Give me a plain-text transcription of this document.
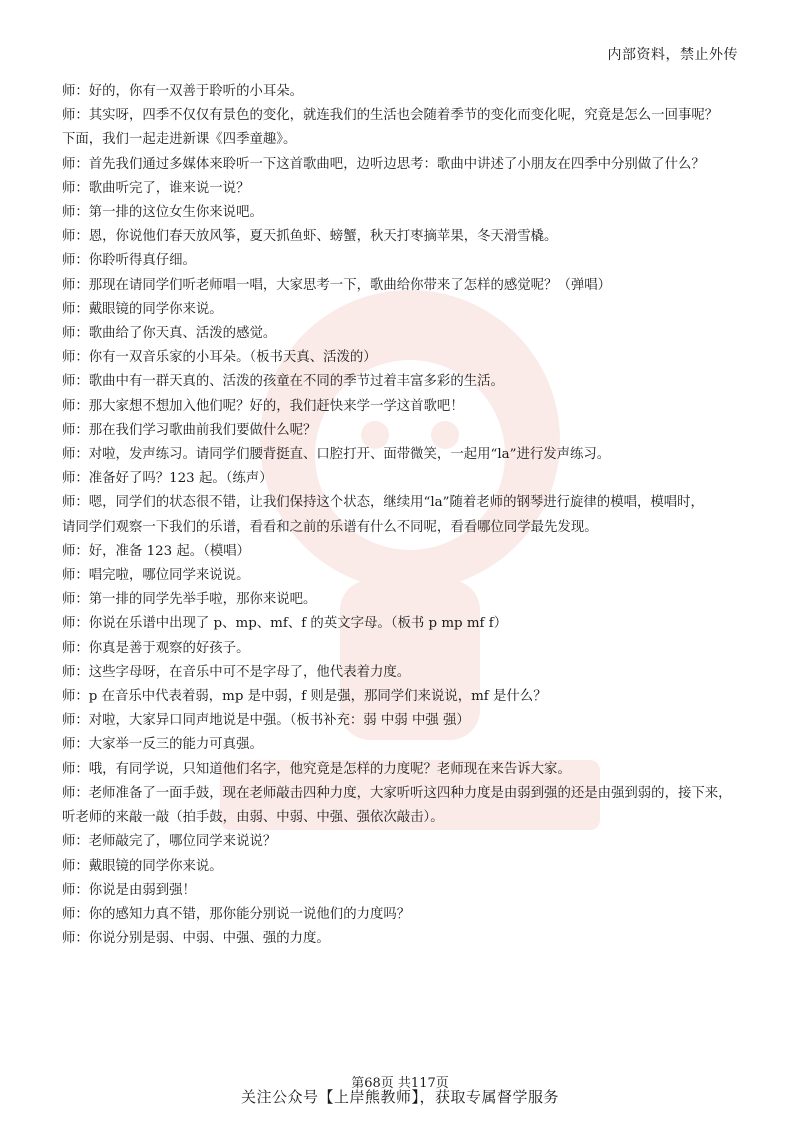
内部资料，禁止外传
师：好的，你有一双善于聆听的小耳朵。
师：其实呀，四季不仅仅有景色的变化，就连我们的生活也会随着季节的变化而变化呢，究竟是怎么一回事呢？
下面，我们一起走进新课《四季童趣》。
师：首先我们通过多媒体来聆听一下这首歌曲吧，边听边思考：歌曲中讲述了小朋友在四季中分别做了什么？
师：歌曲听完了，谁来说一说？
师：第一排的这位女生你来说吧。
师：恩，你说他们春天放风筝，夏天抓鱼虾、螃蟹，秋天打枣摘苹果，冬天滑雪橇。
师：你聆听得真仔细。
师：那现在请同学们听老师唱一唱，大家思考一下，歌曲给你带来了怎样的感觉呢？（弹唱）
师：戴眼镜的同学你来说。
师：歌曲给了你天真、活泼的感觉。
师：你有一双音乐家的小耳朵。（板书天真、活泼的）
师：歌曲中有一群天真的、活泼的孩童在不同的季节过着丰富多彩的生活。
师：那大家想不想加入他们呢？好的，我们赶快来学一学这首歌吧！
师：那在我们学习歌曲前我们要做什么呢？
师：对啦，发声练习。请同学们腰背挺直、口腔打开、面带微笑，一起用“la”进行发声练习。
师：准备好了吗？123 起。（练声）
师：嗯，同学们的状态很不错，让我们保持这个状态，继续用“la”随着老师的钢琴进行旋律的模唱，模唱时，
请同学们观察一下我们的乐谱，看看和之前的乐谱有什么不同呢，看看哪位同学最先发现。
师：好，准备 123 起。（模唱）
师：唱完啦，哪位同学来说说。
师：第一排的同学先举手啦，那你来说吧。
师：你说在乐谱中出现了 p、mp、mf、f 的英文字母。（板书 p mp mf f）
师：你真是善于观察的好孩子。
师：这些字母呀，在音乐中可不是字母了，他代表着力度。
师：p 在音乐中代表着弱，mp 是中弱，f 则是强，那同学们来说说，mf 是什么？
师：对啦，大家异口同声地说是中强。（板书补充：弱 中弱 中强 强）
师：大家举一反三的能力可真强。
师：哦，有同学说，只知道他们名字，他究竟是怎样的力度呢？老师现在来告诉大家。
师：老师准备了一面手鼓，现在老师敲击四种力度，大家听听这四种力度是由弱到强的还是由强到弱的，接下来，
听老师的来敲一敲（拍手鼓，由弱、中弱、中强、强依次敲击）。
师：老师敲完了，哪位同学来说说？
师：戴眼镜的同学你来说。
师：你说是由弱到强！
师：你的感知力真不错，那你能分别说一说他们的力度吗？
师：你说分别是弱、中弱、中强、强的力度。
第68页 共117页
关注公众号【上岸熊教师】，获取专属督学服务
